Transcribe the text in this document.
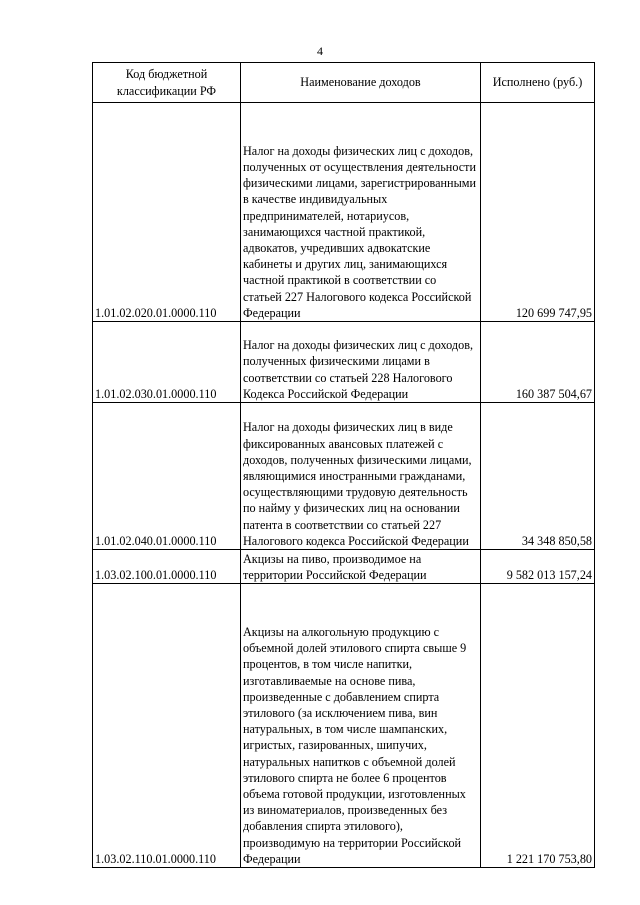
4
Код бюджетной классификации РФ	Наименование доходов	Исполнено (руб.)
1.01.02.020.01.0000.110	Налог на доходы физических лиц с доходов, полученных от осуществления деятельности физическими лицами, зарегистрированными в качестве индивидуальных предпринимателей, нотариусов, занимающихся частной практикой, адвокатов, учредивших адвокатские кабинеты и других лиц, занимающихся частной практикой в соответствии со статьей 227 Налогового кодекса Российской Федерации	120 699 747,95
1.01.02.030.01.0000.110	Налог на доходы физических лиц с доходов, полученных физическими лицами в соответствии со статьей 228 Налогового Кодекса Российской Федерации	160 387 504,67
1.01.02.040.01.0000.110	Налог на доходы физических лиц в виде фиксированных авансовых платежей с доходов, полученных физическими лицами, являющимися иностранными гражданами, осуществляющими трудовую деятельность по найму у физических лиц на основании патента в соответствии со статьей 227 Налогового кодекса Российской Федерации	34 348 850,58
1.03.02.100.01.0000.110	Акцизы на пиво, производимое на территории Российской Федерации	9 582 013 157,24
1.03.02.110.01.0000.110	Акцизы на алкогольную продукцию с объемной долей этилового спирта свыше 9 процентов, в том числе напитки, изготавливаемые на основе пива, произведенные с добавлением спирта этилового (за исключением пива, вин натуральных, в том числе шампанских, игристых, газированных, шипучих, натуральных напитков с объемной долей этилового спирта не более 6 процентов объема готовой продукции, изготовленных из виноматериалов, произведенных без добавления спирта этилового), производимую на территории Российской Федерации	1 221 170 753,80
